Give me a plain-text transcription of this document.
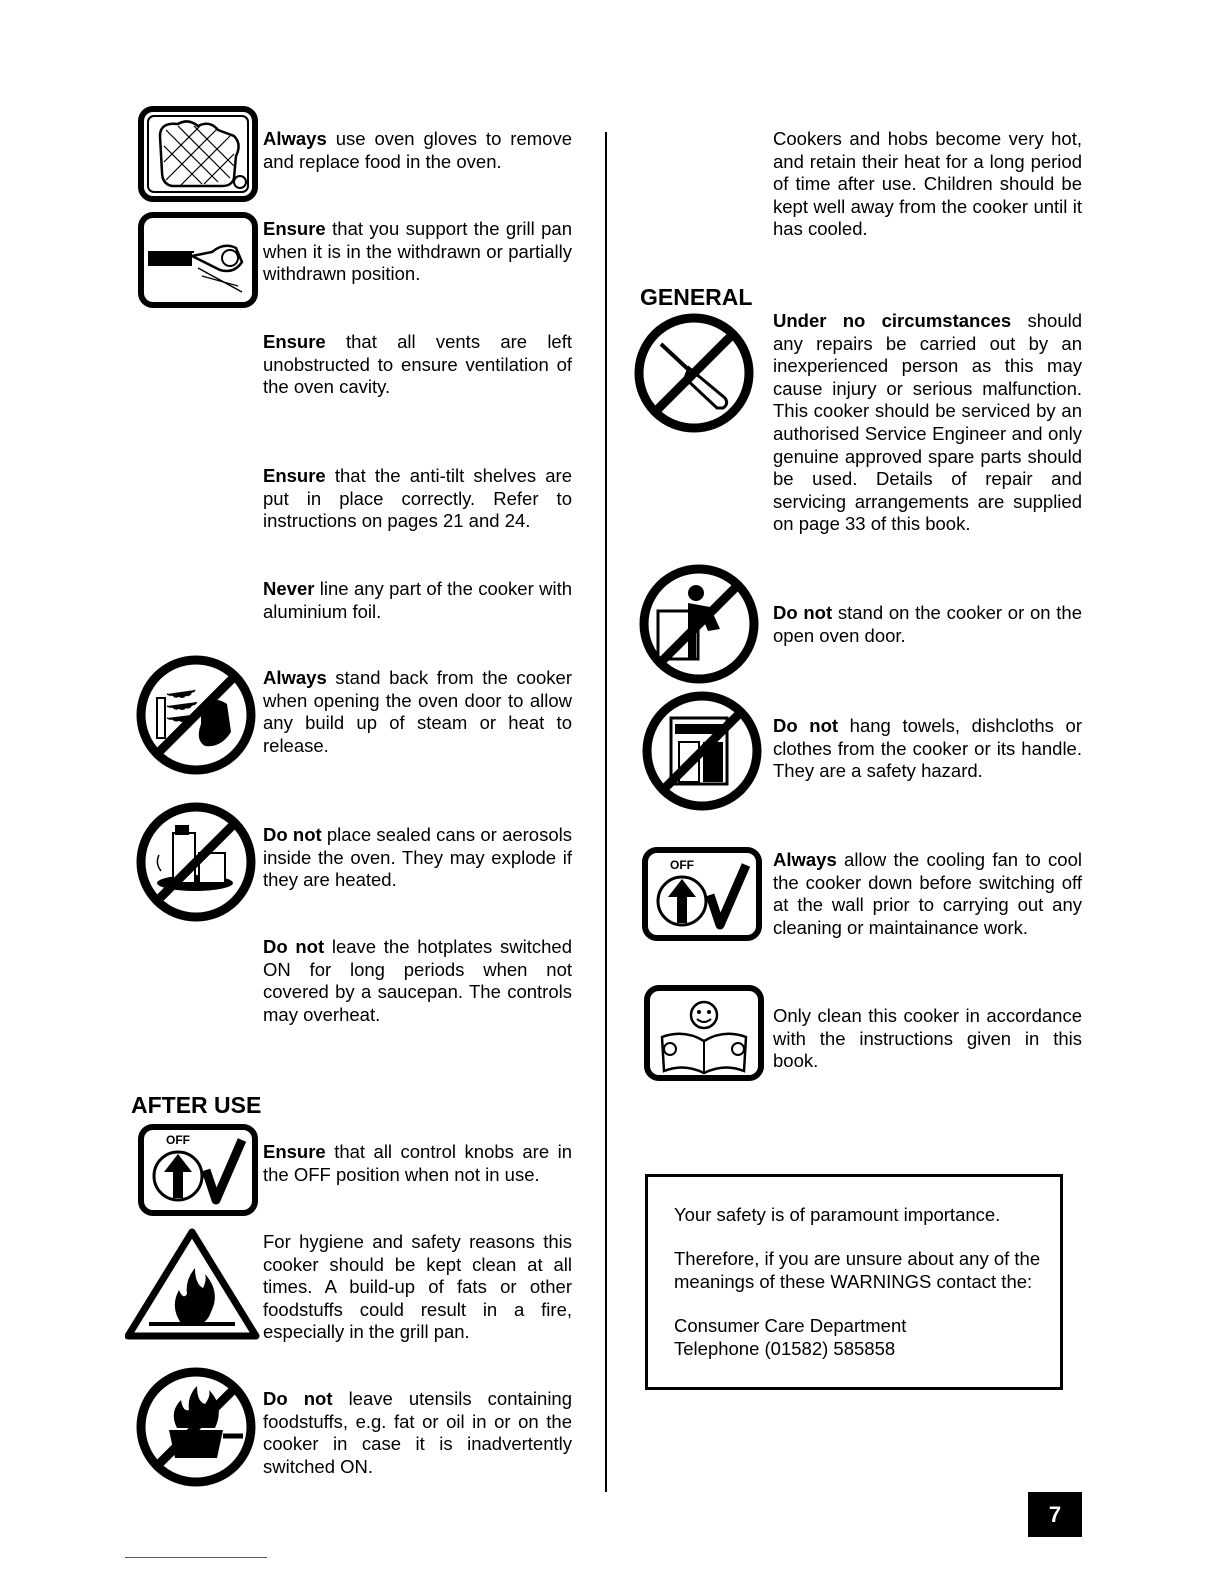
Always use oven gloves to remove and replace food in the oven.
Ensure that you support the grill pan when it is in the withdrawn or partially withdrawn position.
Ensure that all vents are left unobstructed to ensure ventilation of the oven cavity.
Ensure that the anti-tilt shelves are put in place correctly. Refer to instructions on pages 21 and 24.
Never line any part of the cooker with aluminium foil.
Always stand back from the cooker when opening the oven door to allow any build up of steam or heat to release.
Do not place sealed cans or aerosols inside the oven. They may explode if they are heated.
Do not leave the hotplates switched ON for long periods when not covered by a saucepan. The controls may overheat.
AFTER USE
OFF
Ensure that all control knobs are in the OFF position when not in use.
For hygiene and safety reasons this cooker should be kept clean at all times. A build-up of fats or other foodstuffs could result in a fire, especially in the grill pan.
Do not leave utensils containing foodstuffs, e.g. fat or oil in or on the cooker in case it is inadvertently switched ON.
Cookers and hobs become very hot, and retain their heat for a long period of time after use. Children should be kept well away from the cooker until it has cooled.
GENERAL
Under no circumstances should any repairs be carried out by an inexperienced person as this may cause injury or serious malfunction. This cooker should be serviced by an authorised Service Engineer and only genuine approved spare parts should be used. Details of repair and servicing arrangements are supplied on page 33 of this book.
Do not stand on the cooker or on the open oven door.
Do not hang towels, dishcloths or clothes from the cooker or its handle. They are a safety hazard.
OFF	Always allow the cooling fan to cool the cooker down before switching off at the wall prior to carrying out any cleaning or maintainance work.
Only clean this cooker in accordance with the instructions given in this book.
Your safety is of paramount importance.
Therefore, if you are unsure about any of the
meanings of these WARNINGS contact the:
Consumer Care Department
Telephone (01582) 585858
7
